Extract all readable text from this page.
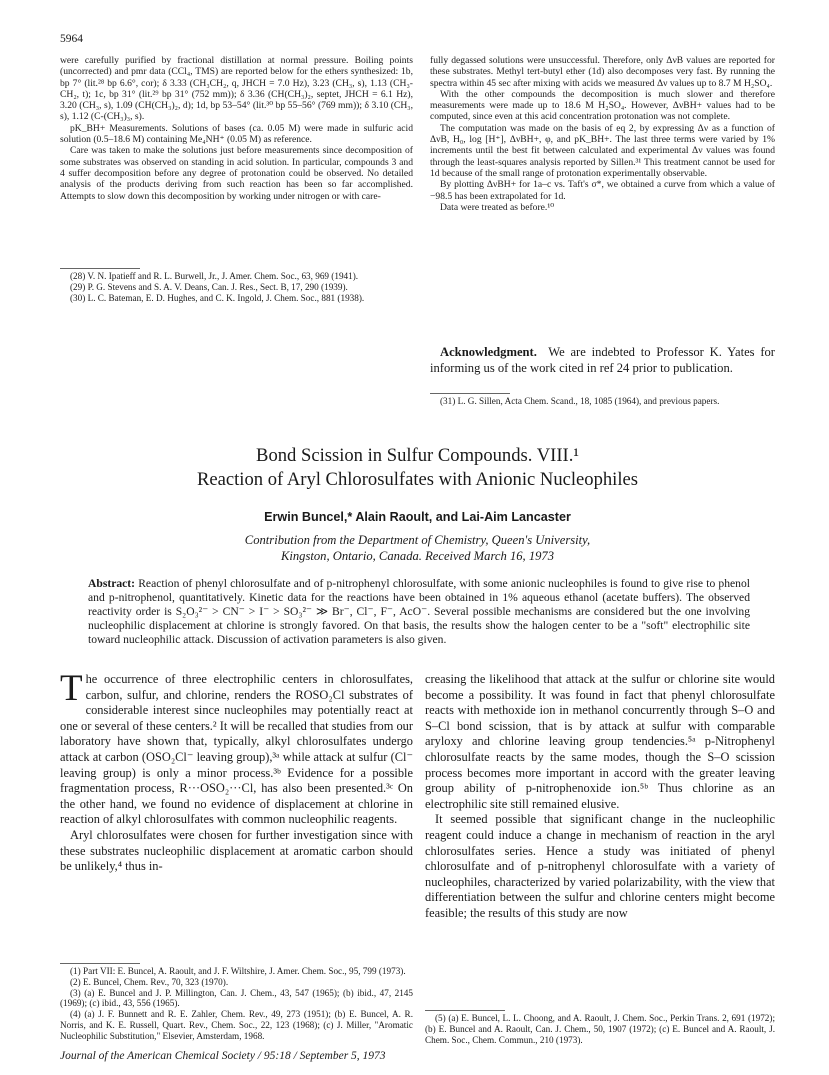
5964

were carefully purified by fractional distillation at normal pressure. Boiling points (uncorrected) and pmr data (CCl₄, TMS) are reported below for the ethers synthesized: 1b, bp 7° (lit.²⁸ bp 6.6°, cor); δ 3.33 (CH₃CH₂, q, JHCH = 7.0 Hz), 3.23 (CH₃, s), 1.13 (CH₃-CH₂, t); 1c, bp 31° (lit.²⁹ bp 31° (752 mm)); δ 3.36 (CH(CH₃)₂, septet, JHCH = 6.1 Hz), 3.20 (CH₃, s), 1.09 (CH(CH₃)₂, d); 1d, bp 53–54° (lit.³⁰ bp 55–56° (769 mm)); δ 3.10 (CH₃, s), 1.12 (C-(CH₃)₃, s).

pK_BH+ Measurements. Solutions of bases (ca. 0.05 M) were made in sulfuric acid solution (0.5–18.6 M) containing Me₄NH⁺ (0.05 M) as reference.

Care was taken to make the solutions just before measurements since decomposition of some substrates was observed on standing in acid solution. In particular, compounds 3 and 4 suffer decomposition before any degree of protonation could be observed. No detailed analysis of the products deriving from such reaction has been so far accomplished. Attempts to slow down this decomposition by working under nitrogen or with care-

fully degassed solutions were unsuccessful. Therefore, only ΔνB values are reported for these substrates. Methyl tert-butyl ether (1d) also decomposes very fast. By running the spectra within 45 sec after mixing with acids we measured Δν values up to 8.7 M H₂SO₄.

With the other compounds the decomposition is much slower and therefore measurements were made up to 18.6 M H₂SO₄. However, ΔνBH+ values had to be computed, since even at this acid concentration protonation was not complete.

The computation was made on the basis of eq 2, by expressing Δν as a function of ΔνB, H₀, log [H⁺], ΔνBH+, φ, and pK_BH+. The last three terms were varied by 1% increments until the best fit between calculated and experimental Δν values was found through the least-squares analysis reported by Sillen.³¹ This treatment cannot be used for 1d because of the small range of protonation experimentally observable.

By plotting ΔνBH+ for 1a–c vs. Taft's σ*, we obtained a curve from which a value of −98.5 has been extrapolated for 1d.

Data were treated as before.¹⁰

Acknowledgment. We are indebted to Professor K. Yates for informing us of the work cited in ref 24 prior to publication.

(28) V. N. Ipatieff and R. L. Burwell, Jr., J. Amer. Chem. Soc., 63, 969 (1941).

(29) P. G. Stevens and S. A. V. Deans, Can. J. Res., Sect. B, 17, 290 (1939).

(30) L. C. Bateman, E. D. Hughes, and C. K. Ingold, J. Chem. Soc., 881 (1938).

(31) L. G. Sillen, Acta Chem. Scand., 18, 1085 (1964), and previous papers.

Bond Scission in Sulfur Compounds. VIII.¹
Reaction of Aryl Chlorosulfates with Anionic Nucleophiles
Erwin Buncel,* Alain Raoult, and Lai-Aim Lancaster
Contribution from the Department of Chemistry, Queen's University,
Kingston, Ontario, Canada. Received March 16, 1973
Abstract: Reaction of phenyl chlorosulfate and of p-nitrophenyl chlorosulfate, with some anionic nucleophiles is found to give rise to phenol and p-nitrophenol, quantitatively. Kinetic data for the reactions have been obtained in 1% aqueous ethanol (acetate buffers). The observed reactivity order is S₂O₃²⁻ > CN⁻ > I⁻ > SO₃²⁻ ≫ Br⁻, Cl⁻, F⁻, AcO⁻. Several possible mechanisms are considered but the one involving nucleophilic displacement at chlorine is strongly favored. On that basis, the results show the halogen center to be a "soft" electrophilic site toward nucleophilic attack. Discussion of activation parameters is also given.

The occurrence of three electrophilic centers in chlorosulfates, carbon, sulfur, and chlorine, renders the ROSO₂Cl substrates of considerable interest since nucleophiles may potentially react at one or several of these centers.² It will be recalled that studies from our laboratory have shown that, typically, alkyl chlorosulfates undergo attack at carbon (OSO₂Cl⁻ leaving group),³ᵃ while attack at sulfur (Cl⁻ leaving group) is only a minor process.³ᵇ Evidence for a possible fragmentation process, R···OSO₂···Cl, has also been presented.³ᶜ On the other hand, we found no evidence of displacement at chlorine in reaction of alkyl chlorosulfates with common nucleophilic reagents.

Aryl chlorosulfates were chosen for further investigation since with these substrates nucleophilic displacement at aromatic carbon should be unlikely,⁴ thus in-

(1) Part VII: E. Buncel, A. Raoult, and J. F. Wiltshire, J. Amer. Chem. Soc., 95, 799 (1973).

(2) E. Buncel, Chem. Rev., 70, 323 (1970).

(3) (a) E. Buncel and J. P. Millington, Can. J. Chem., 43, 547 (1965); (b) ibid., 47, 2145 (1969); (c) ibid., 43, 556 (1965).

(4) (a) J. F. Bunnett and R. E. Zahler, Chem. Rev., 49, 273 (1951); (b) E. Buncel, A. R. Norris, and K. E. Russell, Quart. Rev., Chem. Soc., 22, 123 (1968); (c) J. Miller, "Aromatic Nucleophilic Substitution," Elsevier, Amsterdam, 1968.

creasing the likelihood that attack at the sulfur or chlorine site would become a possibility. It was found in fact that phenyl chlorosulfate reacts with methoxide ion in methanol concurrently through S–O and S–Cl bond scission, that is by attack at sulfur with comparable aryloxy and chlorine leaving group tendencies.⁵ᵃ p-Nitrophenyl chlorosulfate reacts by the same modes, though the S–O scission process becomes more important in accord with the greater leaving group ability of p-nitrophenoxide ion.⁵ᵇ Thus chlorine as an electrophilic site still remained elusive.

It seemed possible that significant change in the nucleophilic reagent could induce a change in mechanism of reaction in the aryl chlorosulfates series. Hence a study was initiated of phenyl chlorosulfate and of p-nitrophenyl chlorosulfate with a variety of nucleophiles, characterized by varied polarizability, with the view that differentiation between the sulfur and chlorine centers might become feasible; the results of this study are now

(5) (a) E. Buncel, L. L. Choong, and A. Raoult, J. Chem. Soc., Perkin Trans. 2, 691 (1972); (b) E. Buncel and A. Raoult, Can. J. Chem., 50, 1907 (1972); (c) E. Buncel and A. Raoult, J. Chem. Soc., Chem. Commun., 210 (1973).

Journal of the American Chemical Society / 95:18 / September 5, 1973
